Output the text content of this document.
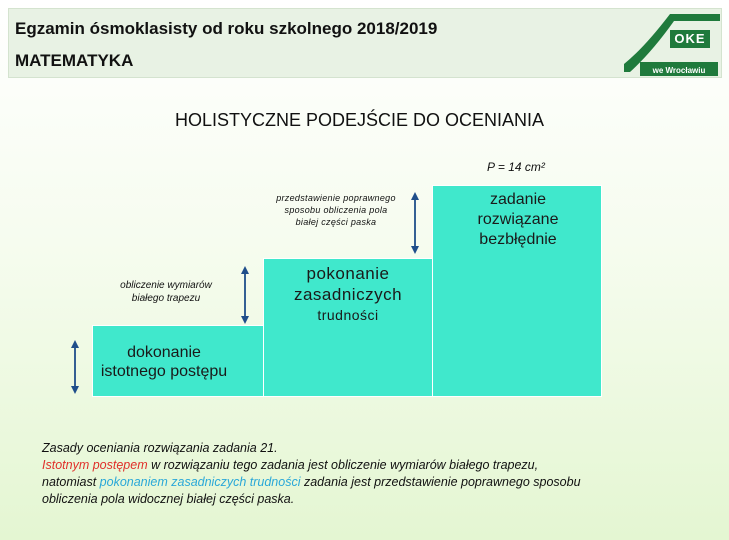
Egzamin ósmoklasisty od roku szkolnego 2018/2019
MATEMATYKA
OKE
we Wrocławiu
HOLISTYCZNE PODEJŚCIE DO OCENIANIA
P = 14 cm²
dokonanie istotnego postępu
pokonanie
zasadniczych
trudności
zadanie rozwiązane bezbłędnie
obliczenie wymiarów białego trapezu
przedstawienie poprawnego sposobu obliczenia pola białej części paska
Zasady oceniania rozwiązania zadania 21.
Istotnym postępem w rozwiązaniu tego zadania jest obliczenie wymiarów białego trapezu,
natomiast pokonaniem zasadniczych trudności zadania jest przedstawienie poprawnego sposobu
obliczenia pola widocznej białej części paska.
